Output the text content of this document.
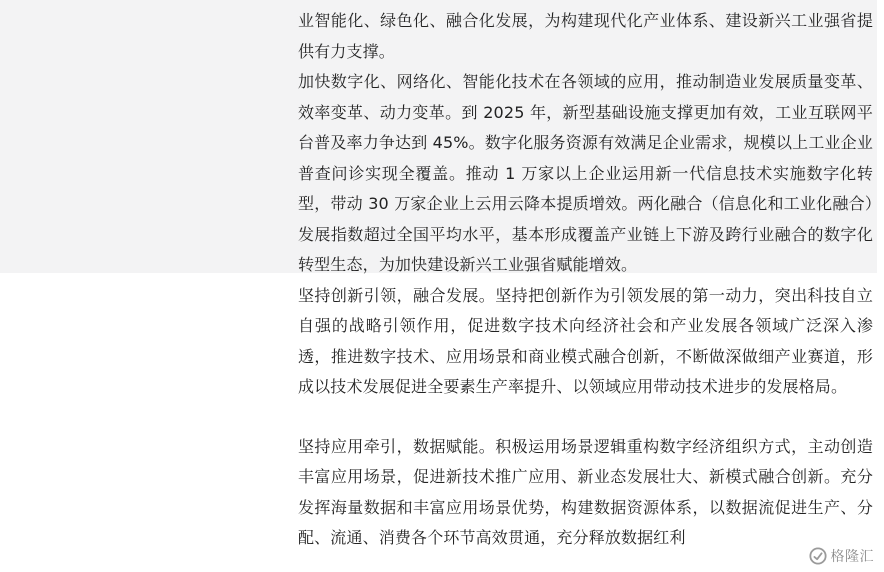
业智能化、绿色化、融合化发展，为构建现代化产业体系、建设新兴工业强省提供有力支撑。

加快数字化、网络化、智能化技术在各领域的应用，推动制造业发展质量变革、效率变革、动力变革。到 2025 年，新型基础设施支撑更加有效，工业互联网平台普及率力争达到 45%。数字化服务资源有效满足企业需求，规模以上工业企业普查问诊实现全覆盖。推动 1 万家以上企业运用新一代信息技术实施数字化转型，带动 30 万家企业上云用云降本提质增效。两化融合（信息化和工业化融合）发展指数超过全国平均水平，基本形成覆盖产业链上下游及跨行业融合的数字化转型生态，为加快建设新兴工业强省赋能增效。

坚持创新引领，融合发展。坚持把创新作为引领发展的第一动力，突出科技自立自强的战略引领作用，促进数字技术向经济社会和产业发展各领域广泛深入渗透，推进数字技术、应用场景和商业模式融合创新，不断做深做细产业赛道，形成以技术发展促进全要素生产率提升、以领域应用带动技术进步的发展格局。

坚持应用牵引，数据赋能。积极运用场景逻辑重构数字经济组织方式，主动创造丰富应用场景，促进新技术推广应用、新业态发展壮大、新模式融合创新。充分发挥海量数据和丰富应用场景优势，构建数据资源体系，以数据流促进生产、分配、流通、消费各个环节高效贯通，充分释放数据红利

格隆汇
